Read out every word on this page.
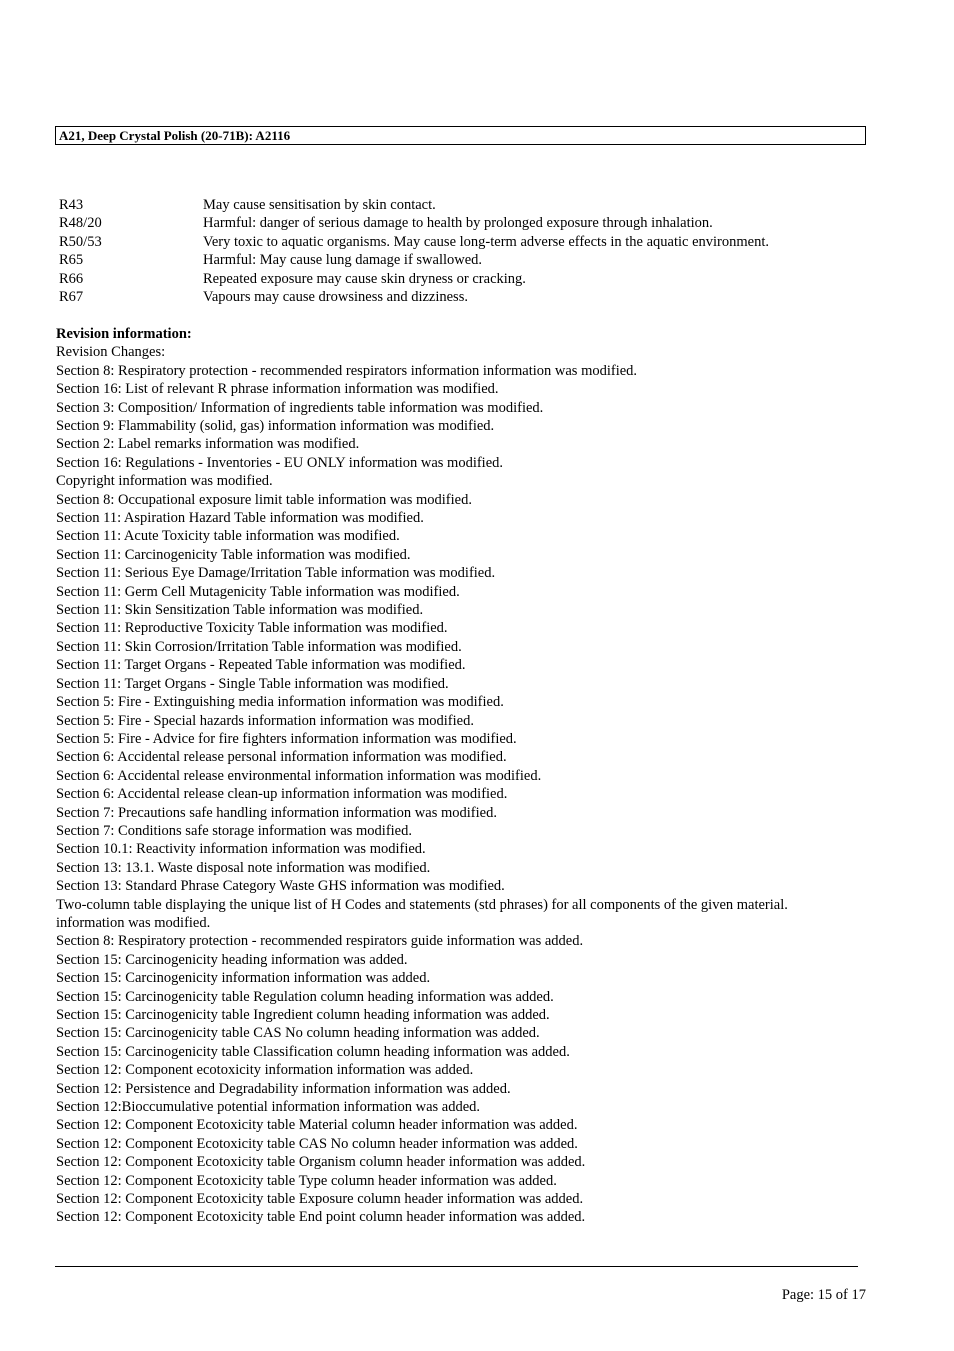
A21, Deep Crystal Polish (20-71B): A2116
R43	May cause sensitisation by skin contact.
R48/20	Harmful: danger of serious damage to health by prolonged exposure through inhalation.
R50/53	Very toxic to aquatic organisms. May cause long-term adverse effects in the aquatic environment.
R65	Harmful: May cause lung damage if swallowed.
R66	Repeated exposure may cause skin dryness or cracking.
R67	Vapours may cause drowsiness and dizziness.
Revision information:
Revision Changes:
Section 8: Respiratory protection - recommended respirators information information was modified.
Section 16: List of relevant R phrase information information was modified.
Section 3: Composition/ Information of ingredients table information was modified.
Section 9: Flammability (solid, gas) information information was modified.
Section 2: Label remarks information was modified.
Section 16: Regulations - Inventories - EU ONLY information was modified.
Copyright information was modified.
Section 8: Occupational exposure limit table information was modified.
Section 11: Aspiration Hazard Table information was modified.
Section 11: Acute Toxicity table information was modified.
Section 11: Carcinogenicity Table information was modified.
Section 11: Serious Eye Damage/Irritation Table information was modified.
Section 11: Germ Cell Mutagenicity Table information was modified.
Section 11: Skin Sensitization Table information was modified.
Section 11: Reproductive Toxicity Table information was modified.
Section 11: Skin Corrosion/Irritation Table information was modified.
Section 11: Target Organs - Repeated Table information was modified.
Section 11: Target Organs - Single Table information was modified.
Section 5: Fire - Extinguishing media information information was modified.
Section 5: Fire - Special hazards information information was modified.
Section 5: Fire - Advice for fire fighters information information was modified.
Section 6: Accidental release personal information information was modified.
Section 6: Accidental release environmental information information was modified.
Section 6: Accidental release clean-up information information was modified.
Section 7: Precautions safe handling information information was modified.
Section 7: Conditions safe storage information was modified.
Section 10.1: Reactivity information information was modified.
Section 13: 13.1. Waste disposal note information was modified.
Section 13: Standard Phrase Category Waste GHS information was modified.
Two-column table displaying the unique list of H Codes and statements (std phrases) for all components of the given material. information was modified.
Section 8: Respiratory protection - recommended respirators guide information was added.
Section 15: Carcinogenicity heading information was added.
Section 15: Carcinogenicity information information was added.
Section 15: Carcinogenicity table Regulation column heading information was added.
Section 15: Carcinogenicity table Ingredient column heading information was added.
Section 15: Carcinogenicity table CAS No column heading information was added.
Section 15: Carcinogenicity table Classification column heading information was added.
Section 12: Component ecotoxicity information information was added.
Section 12: Persistence and Degradability information information was added.
Section 12:Bioccumulative potential information information was added.
Section 12: Component Ecotoxicity table Material column header information was added.
Section 12: Component Ecotoxicity table CAS No column header information was added.
Section 12: Component Ecotoxicity table Organism column header information was added.
Section 12: Component Ecotoxicity table Type column header information was added.
Section 12: Component Ecotoxicity table Exposure column header information was added.
Section 12: Component Ecotoxicity table End point column header information was added.
Page: 15 of 17
